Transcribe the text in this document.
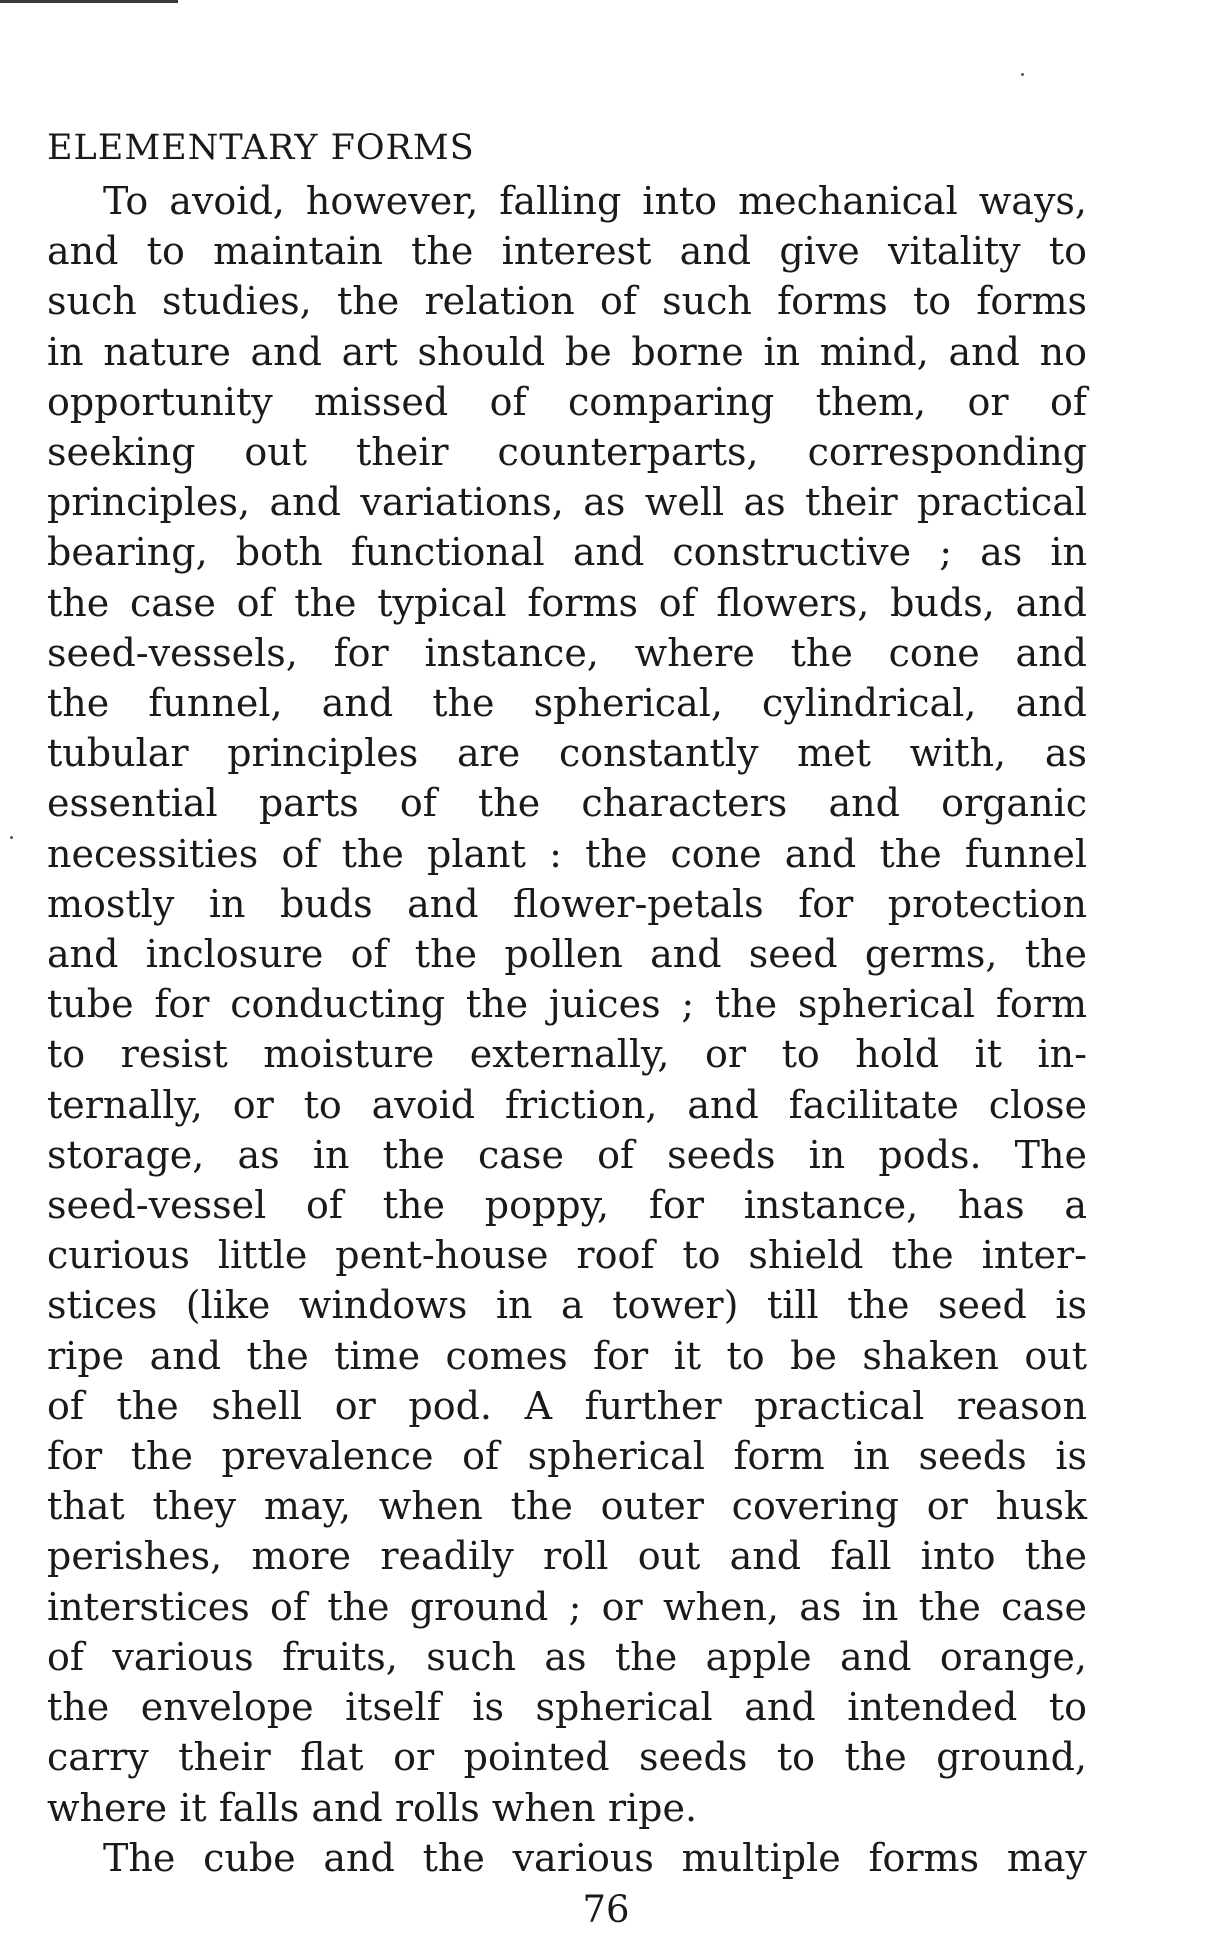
ELEMENTARY FORMS
To avoid, however, falling into mechanical ways,
and to maintain the interest and give vitality to
such studies, the relation of such forms to forms
in nature and art should be borne in mind, and no
opportunity missed of comparing them, or of
seeking out their counterparts, corresponding
principles, and variations, as well as their practical
bearing, both functional and constructive ; as in
the case of the typical forms of flowers, buds, and
seed-vessels, for instance, where the cone and
the funnel, and the spherical, cylindrical, and
tubular principles are constantly met with, as
essential parts of the characters and organic
necessities of the plant : the cone and the funnel
mostly in buds and flower-petals for protection
and inclosure of the pollen and seed germs, the
tube for conducting the juices ; the spherical form
to resist moisture externally, or to hold it in-
ternally, or to avoid friction, and facilitate close
storage, as in the case of seeds in pods. The
seed-vessel of the poppy, for instance, has a
curious little pent-house roof to shield the inter-
stices (like windows in a tower) till the seed is
ripe and the time comes for it to be shaken out
of the shell or pod. A further practical reason
for the prevalence of spherical form in seeds is
that they may, when the outer covering or husk
perishes, more readily roll out and fall into the
interstices of the ground ; or when, as in the case
of various fruits, such as the apple and orange,
the envelope itself is spherical and intended to
carry their flat or pointed seeds to the ground,
where it falls and rolls when ripe.
The cube and the various multiple forms may
76
